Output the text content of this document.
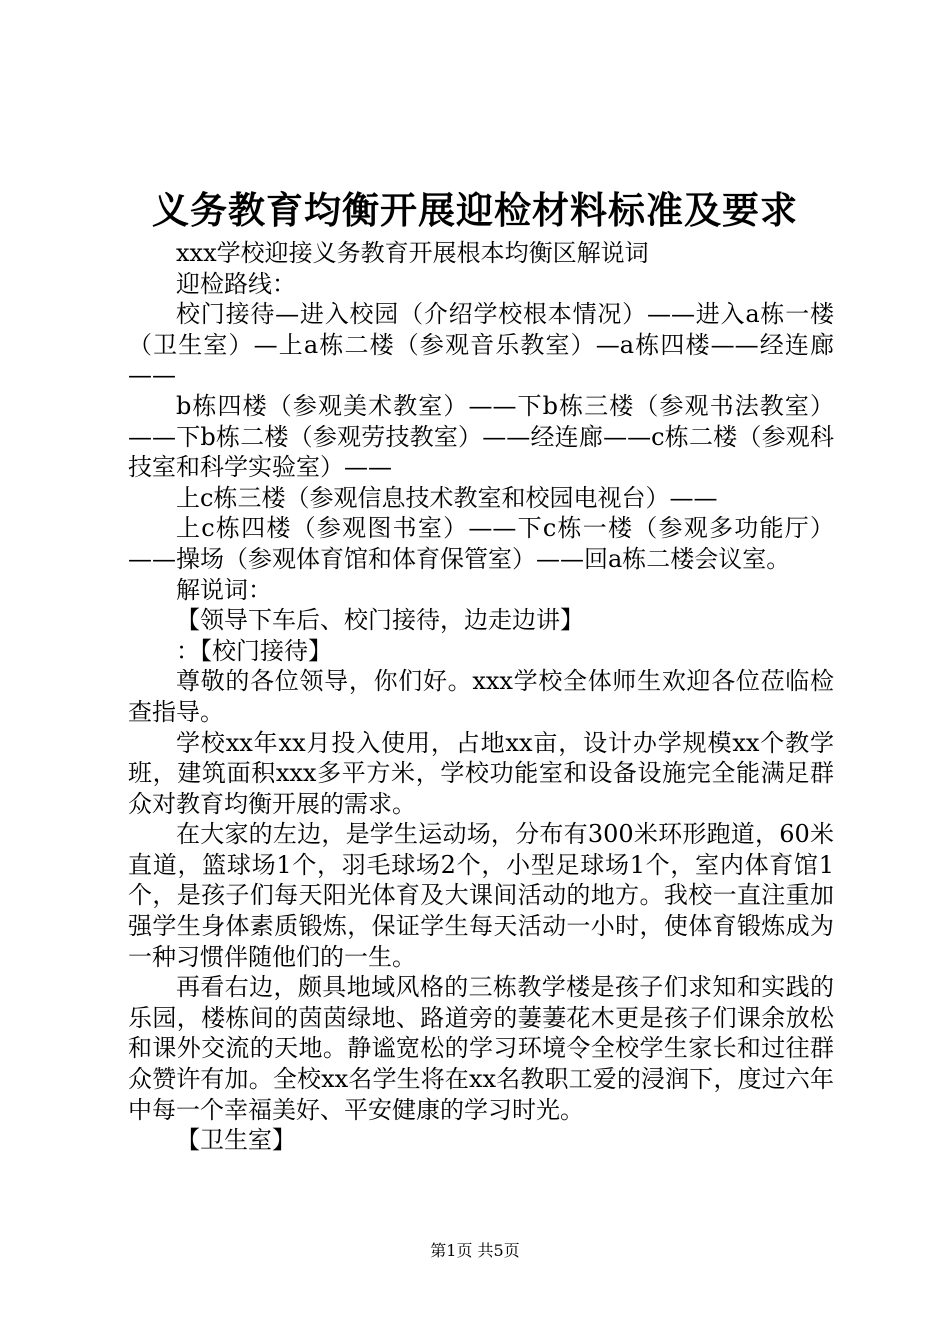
义务教育均衡开展迎检材料标准及要求

xxx学校迎接义务教育开展根本均衡区解说词

迎检路线：

校门接待—进入校园（介绍学校根本情况）——进入a栋一楼（卫生室）—上a栋二楼（参观音乐教室）—a栋四楼——经连廊——

b栋四楼（参观美术教室）——下b栋三楼（参观书法教室）——下b栋二楼（参观劳技教室）——经连廊——c栋二楼（参观科技室和科学实验室）——

上c栋三楼（参观信息技术教室和校园电视台）——

上c栋四楼（参观图书室）——下c栋一楼（参观多功能厅）——操场（参观体育馆和体育保管室）——回a栋二楼会议室。

解说词：

【领导下车后、校门接待，边走边讲】

：【校门接待】

尊敬的各位领导，你们好。xxx学校全体师生欢迎各位莅临检查指导。

学校xx年xx月投入使用，占地xx亩，设计办学规模xx个教学班，建筑面积xxx多平方米，学校功能室和设备设施完全能满足群众对教育均衡开展的需求。

在大家的左边，是学生运动场，分布有300米环形跑道，60米直道，篮球场1个，羽毛球场2个，小型足球场1个，室内体育馆1个，是孩子们每天阳光体育及大课间活动的地方。我校一直注重加强学生身体素质锻炼，保证学生每天活动一小时，使体育锻炼成为一种习惯伴随他们的一生。

再看右边，颇具地域风格的三栋教学楼是孩子们求知和实践的乐园，楼栋间的茵茵绿地、路道旁的萋萋花木更是孩子们课余放松和课外交流的天地。静谧宽松的学习环境令全校学生家长和过往群众赞许有加。全校xx名学生将在xx名教职工爱的浸润下，度过六年中每一个幸福美好、平安健康的学习时光。

【卫生室】

第1页 共5页
